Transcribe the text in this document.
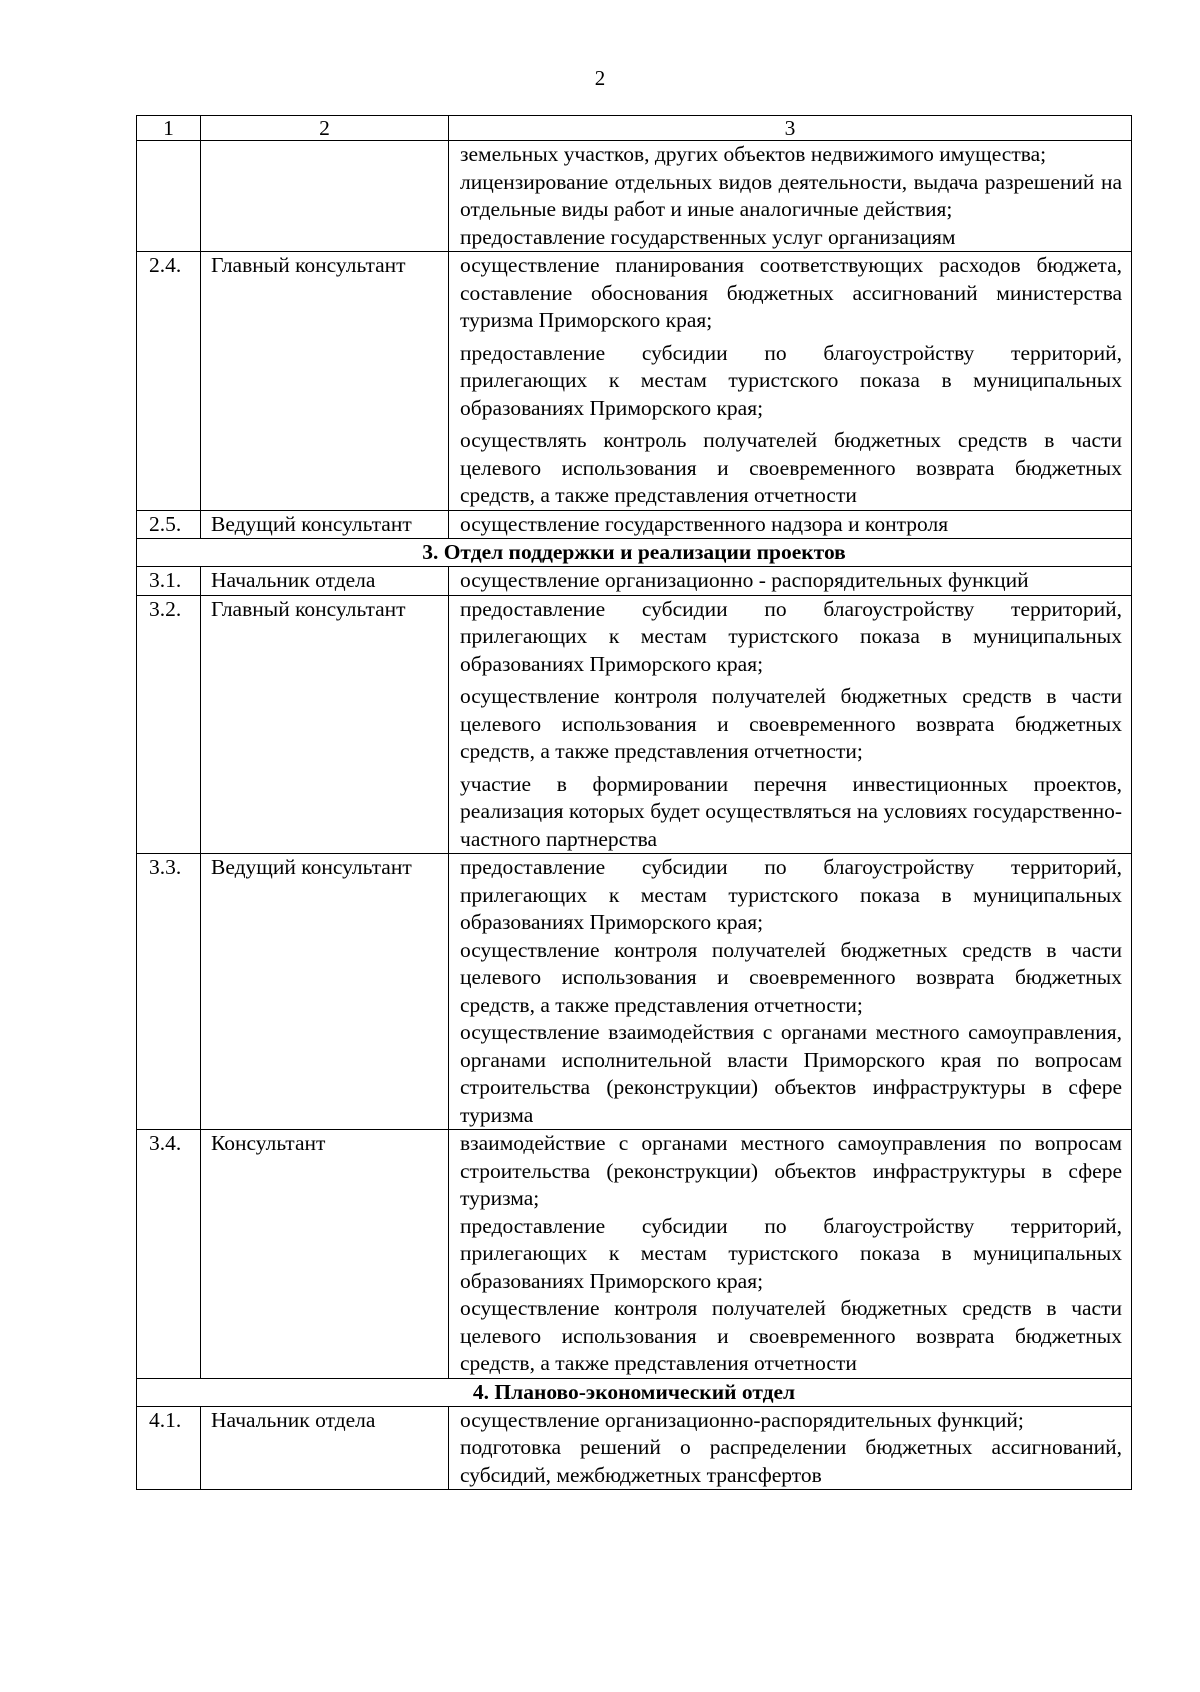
2
1	2	3

		земельных участков, других объектов недвижимого имущества;

лицензирование отдельных видов деятельности, выдача разрешений на отдельные виды работ и иные аналогичные действия;

предоставление государственных услуг организациям

2.4.	Главный консультант	осуществление планирования соответствующих расходов бюджета, составление обоснования бюджетных ассигнований министерства туризма Приморского края;

предоставление субсидии по благоустройству территорий, прилегающих к местам туристского показа в муниципальных образованиях Приморского края;

осуществлять контроль получателей бюджетных средств в части целевого использования и своевременного возврата бюджетных средств, а также представления отчетности

2.5.	Ведущий консультант	осуществление государственного надзора и контроля

3. Отдел поддержки и реализации проектов		
3.1.	Начальник отдела	осуществление организационно - распорядительных функций

3.2.	Главный консультант	предоставление субсидии по благоустройству территорий, прилегающих к местам туристского показа в муниципальных образованиях Приморского края;

осуществление контроля получателей бюджетных средств в части целевого использования и своевременного возврата бюджетных средств, а также представления отчетности;

участие в формировании перечня инвестиционных проектов, реализация которых будет осуществляться на условиях государственно-частного партнерства

3.3.	Ведущий консультант	предоставление субсидии по благоустройству территорий, прилегающих к местам туристского показа в муниципальных образованиях Приморского края;

осуществление контроля получателей бюджетных средств в части целевого использования и своевременного возврата бюджетных средств, а также представления отчетности;

осуществление взаимодействия с органами местного самоуправления, органами исполнительной власти Приморского края по вопросам строительства (реконструкции) объектов инфраструктуры в сфере туризма

3.4.	Консультант	взаимодействие с органами местного самоуправления по вопросам строительства (реконструкции) объектов инфраструктуры в сфере туризма;

предоставление субсидии по благоустройству территорий, прилегающих к местам туристского показа в муниципальных образованиях Приморского края;

осуществление контроля получателей бюджетных средств в части целевого использования и своевременного возврата бюджетных средств, а также представления отчетности

4. Планово-экономический отдел		
4.1.	Начальник отдела	осуществление организационно-распорядительных функций;

подготовка решений о распределении бюджетных ассигнований, субсидий, межбюджетных трансфертов
